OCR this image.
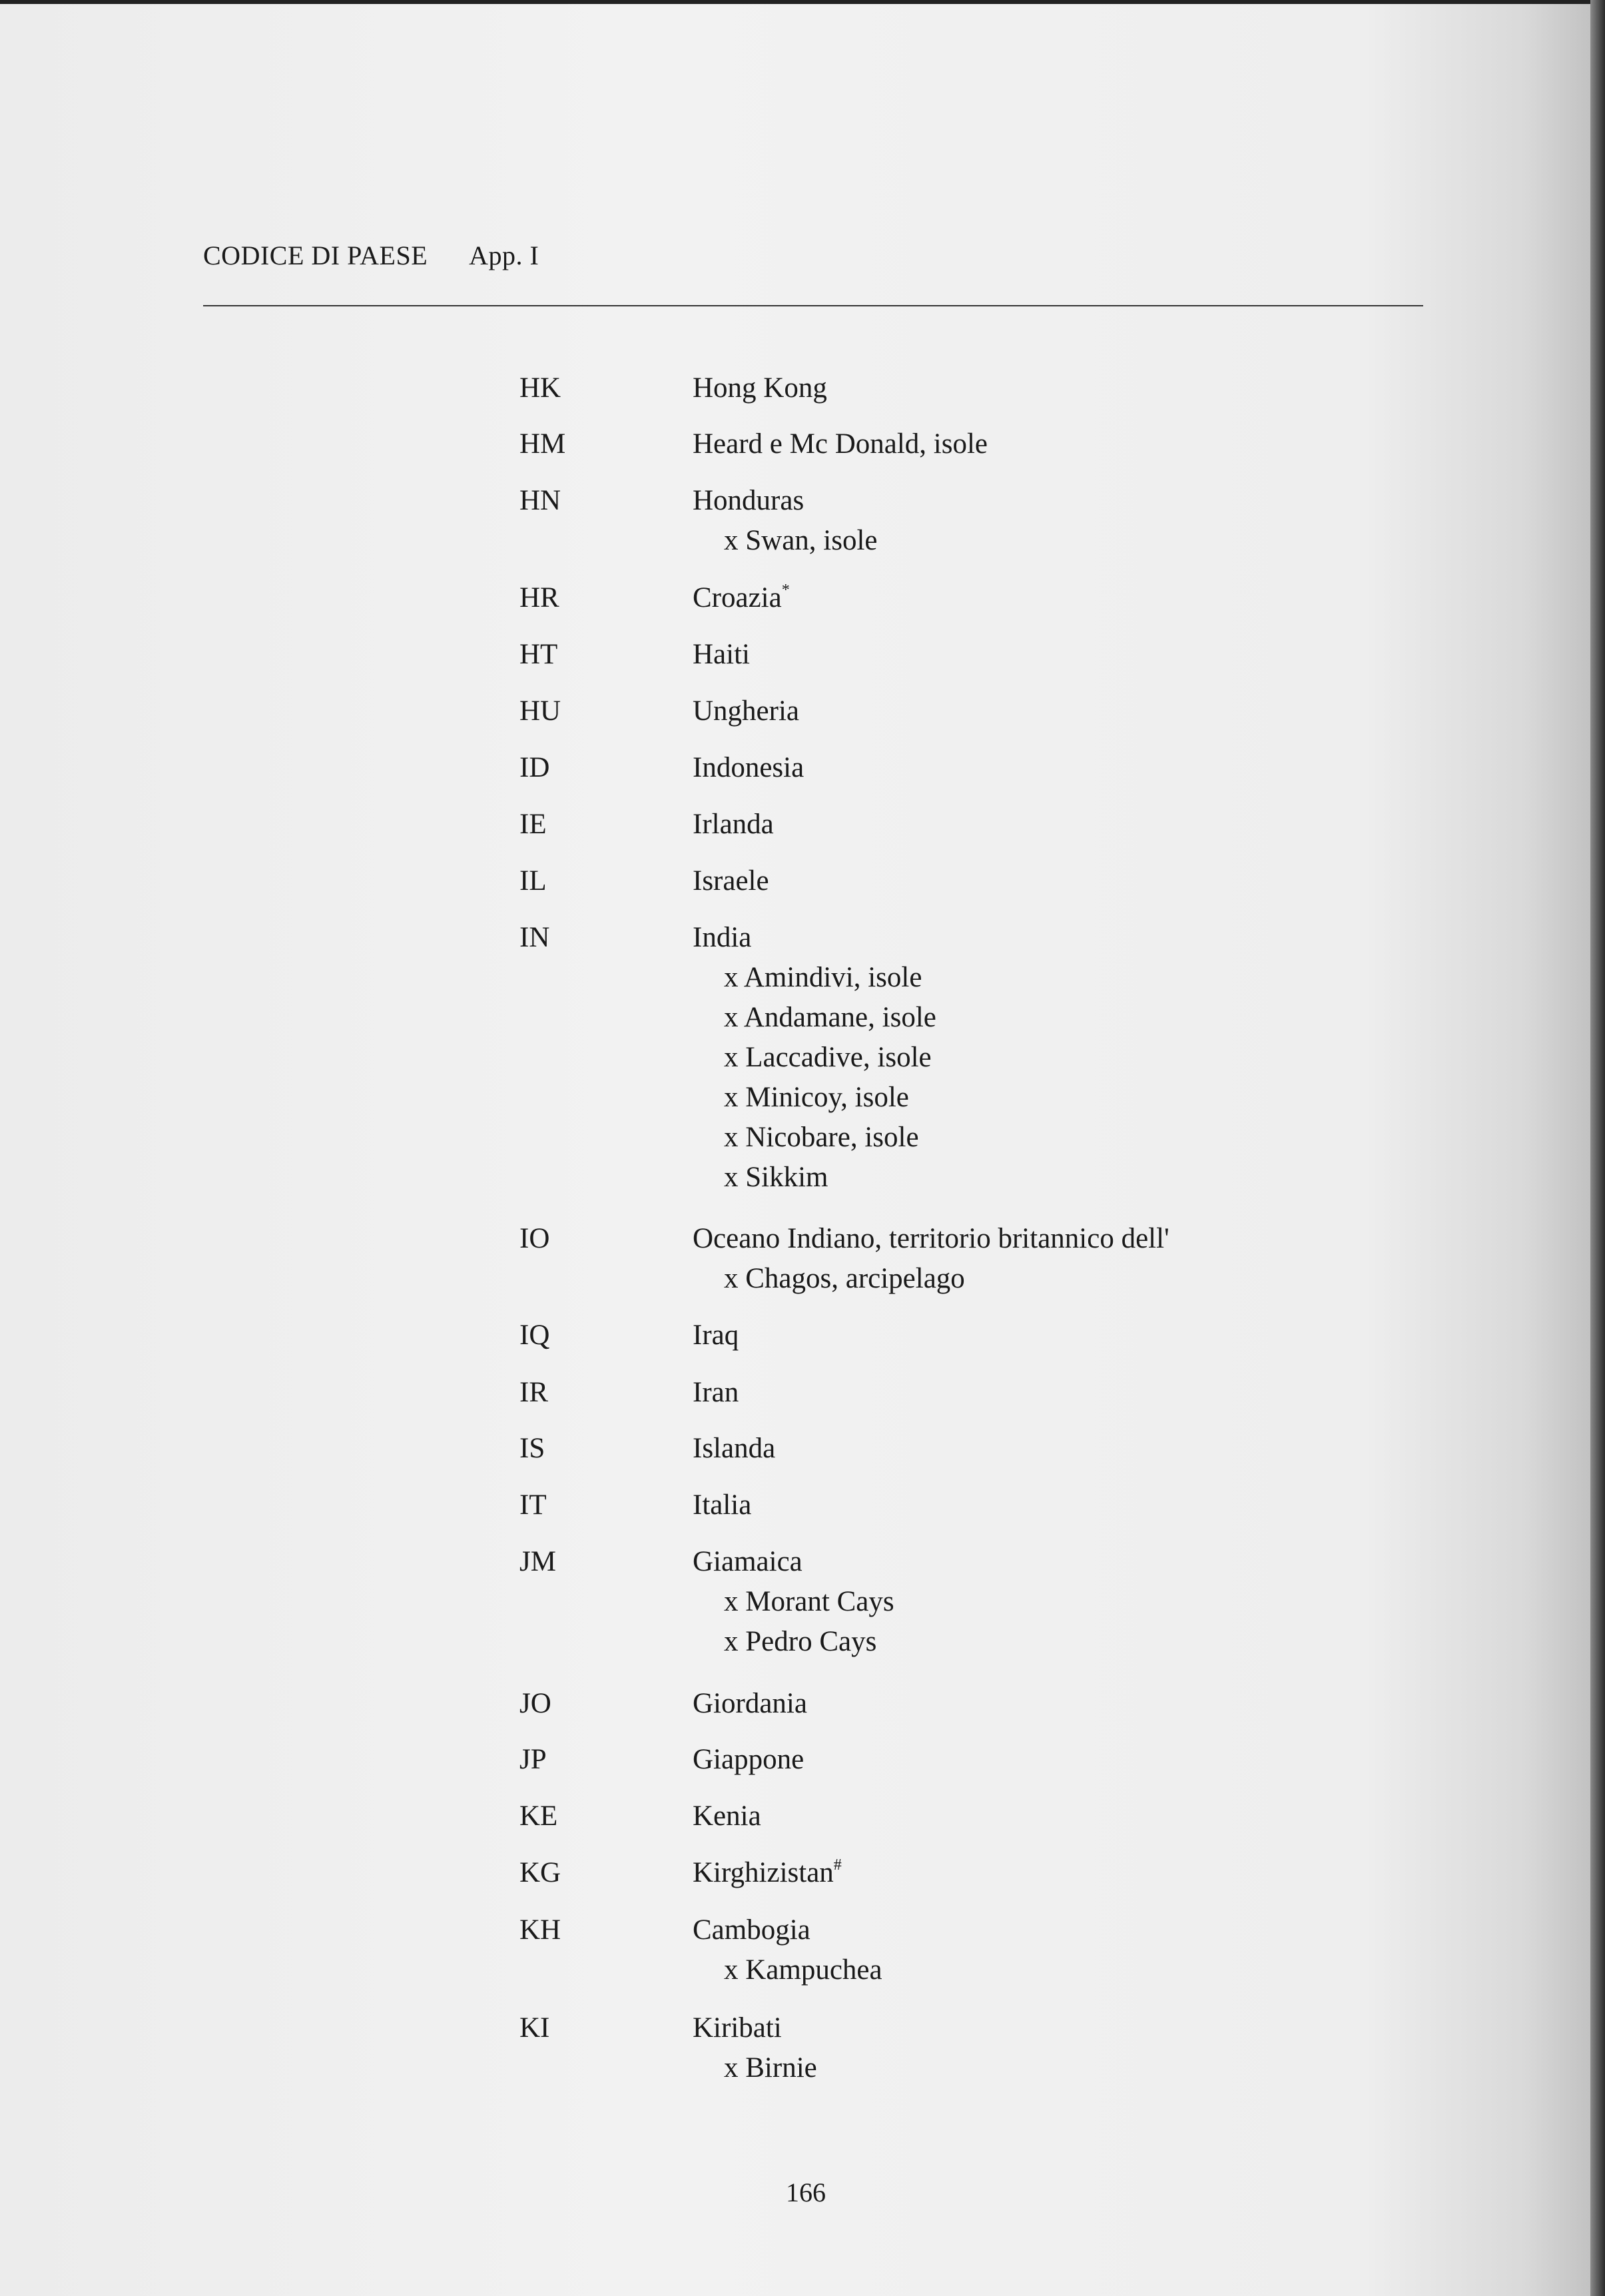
CODICE DI PAESE App. I
HK	Hong Kong
HM	Heard e Mc Donald, isole
HN	Honduras
x Swan, isole
HR	Croazia*
HT	Haiti
HU	Ungheria
ID	Indonesia
IE	Irlanda
IL	Israele
IN	India
x Amindivi, isole
x Andamane, isole
x Laccadive, isole
x Minicoy, isole
x Nicobare, isole
x Sikkim
IO	Oceano Indiano, territorio britannico dell'
x Chagos, arcipelago
IQ	Iraq
IR	Iran
IS	Islanda
IT	Italia
JM	Giamaica
x Morant Cays
x Pedro Cays
JO	Giordania
JP	Giappone
KE	Kenia
KG	Kirghizistan#
KH	Cambogia
x Kampuchea
KI	Kiribati
x Birnie
166
